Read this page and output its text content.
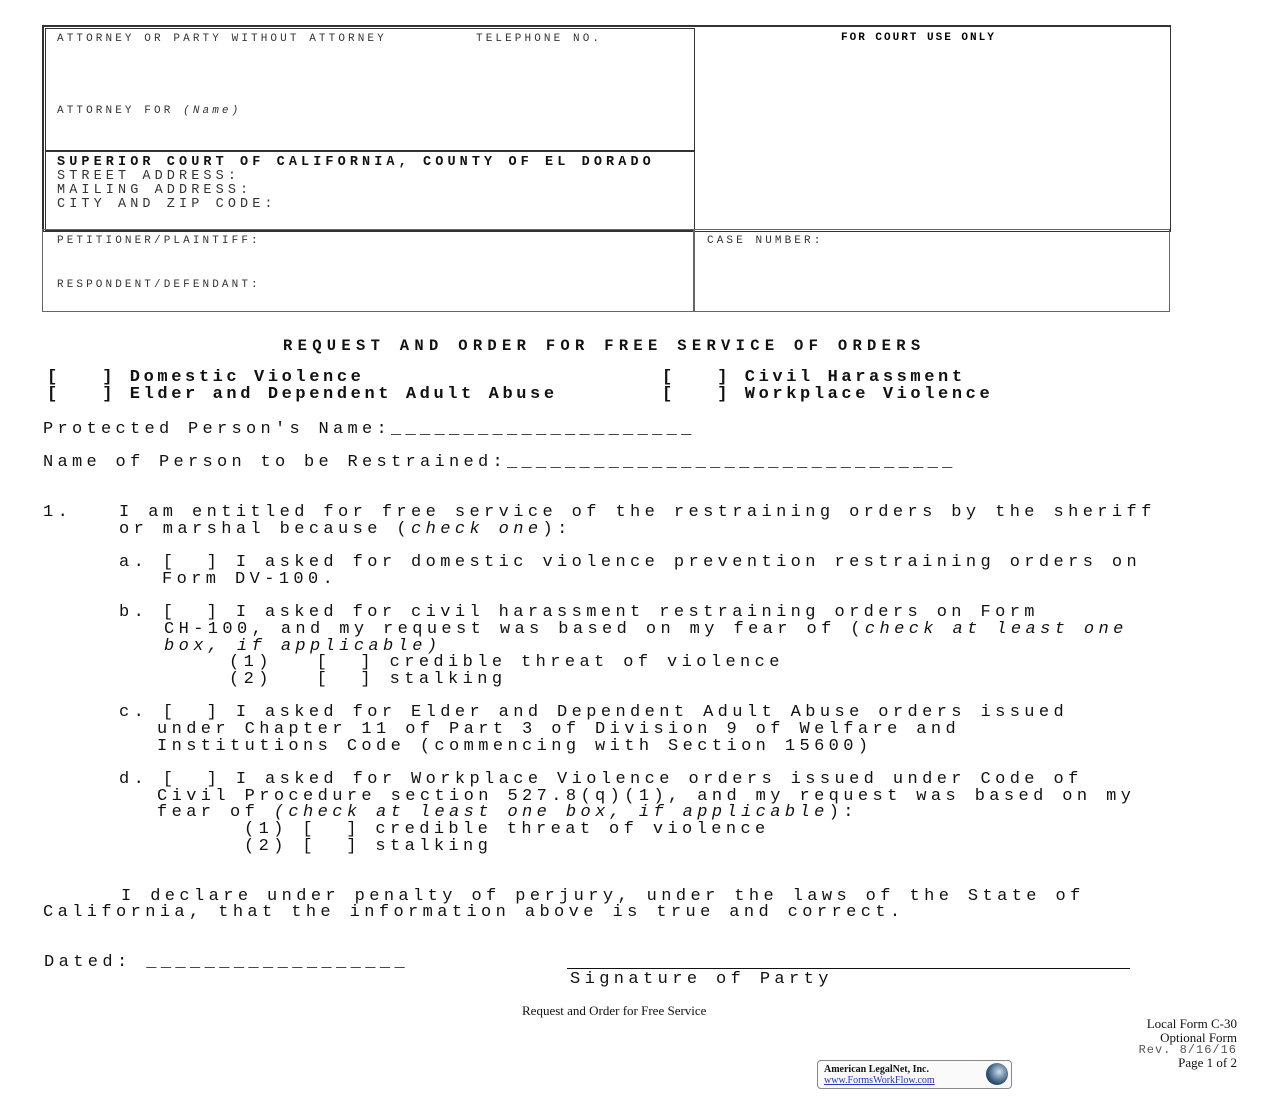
ATTORNEY OR PARTY WITHOUT ATTORNEY	TELEPHONE NO.
ATTORNEY FOR (Name)
FOR COURT USE ONLY
SUPERIOR COURT OF CALIFORNIA, COUNTY OF EL DORADO
STREET ADDRESS:
MAILING ADDRESS:
CITY AND ZIP CODE:
PETITIONER/PLAINTIFF:
RESPONDENT/DEFENDANT:
CASE NUMBER:
REQUEST AND ORDER FOR FREE SERVICE OF ORDERS
[   ] Domestic Violence
[   ] Elder and Dependent Adult Abuse
[   ] Civil Harassment
[   ] Workplace Violence
Protected Person's Name:_____________________
Name of Person to be Restrained:_______________________________
1.	I am entitled for free service of the restraining orders by the sheriff
or marshal because (check one):
a. [  ] I asked for domestic violence prevention restraining orders on
Form DV-100.
b. [  ] I asked for civil harassment restraining orders on Form
CH-100, and my request was based on my fear of (check at least one
box, if applicable)
(1)   [  ] credible threat of violence
(2)   [  ] stalking
c. [  ] I asked for Elder and Dependent Adult Abuse orders issued
under Chapter 11 of Part 3 of Division 9 of Welfare and
Institutions Code (commencing with Section 15600)
d. [  ] I asked for Workplace Violence orders issued under Code of
Civil Procedure section 527.8(q)(1), and my request was based on my
fear of (check at least one box, if applicable):
(1) [  ] credible threat of violence
(2) [  ] stalking
I declare under penalty of perjury, under the laws of the State of
California, that the information above is true and correct.
Dated: __________________
Signature of Party
Request and Order for Free Service
Local Form C-30
Optional Form
Rev. 8/16/16
Page 1 of 2
American LegalNet, Inc.
www.FormsWorkFlow.com
